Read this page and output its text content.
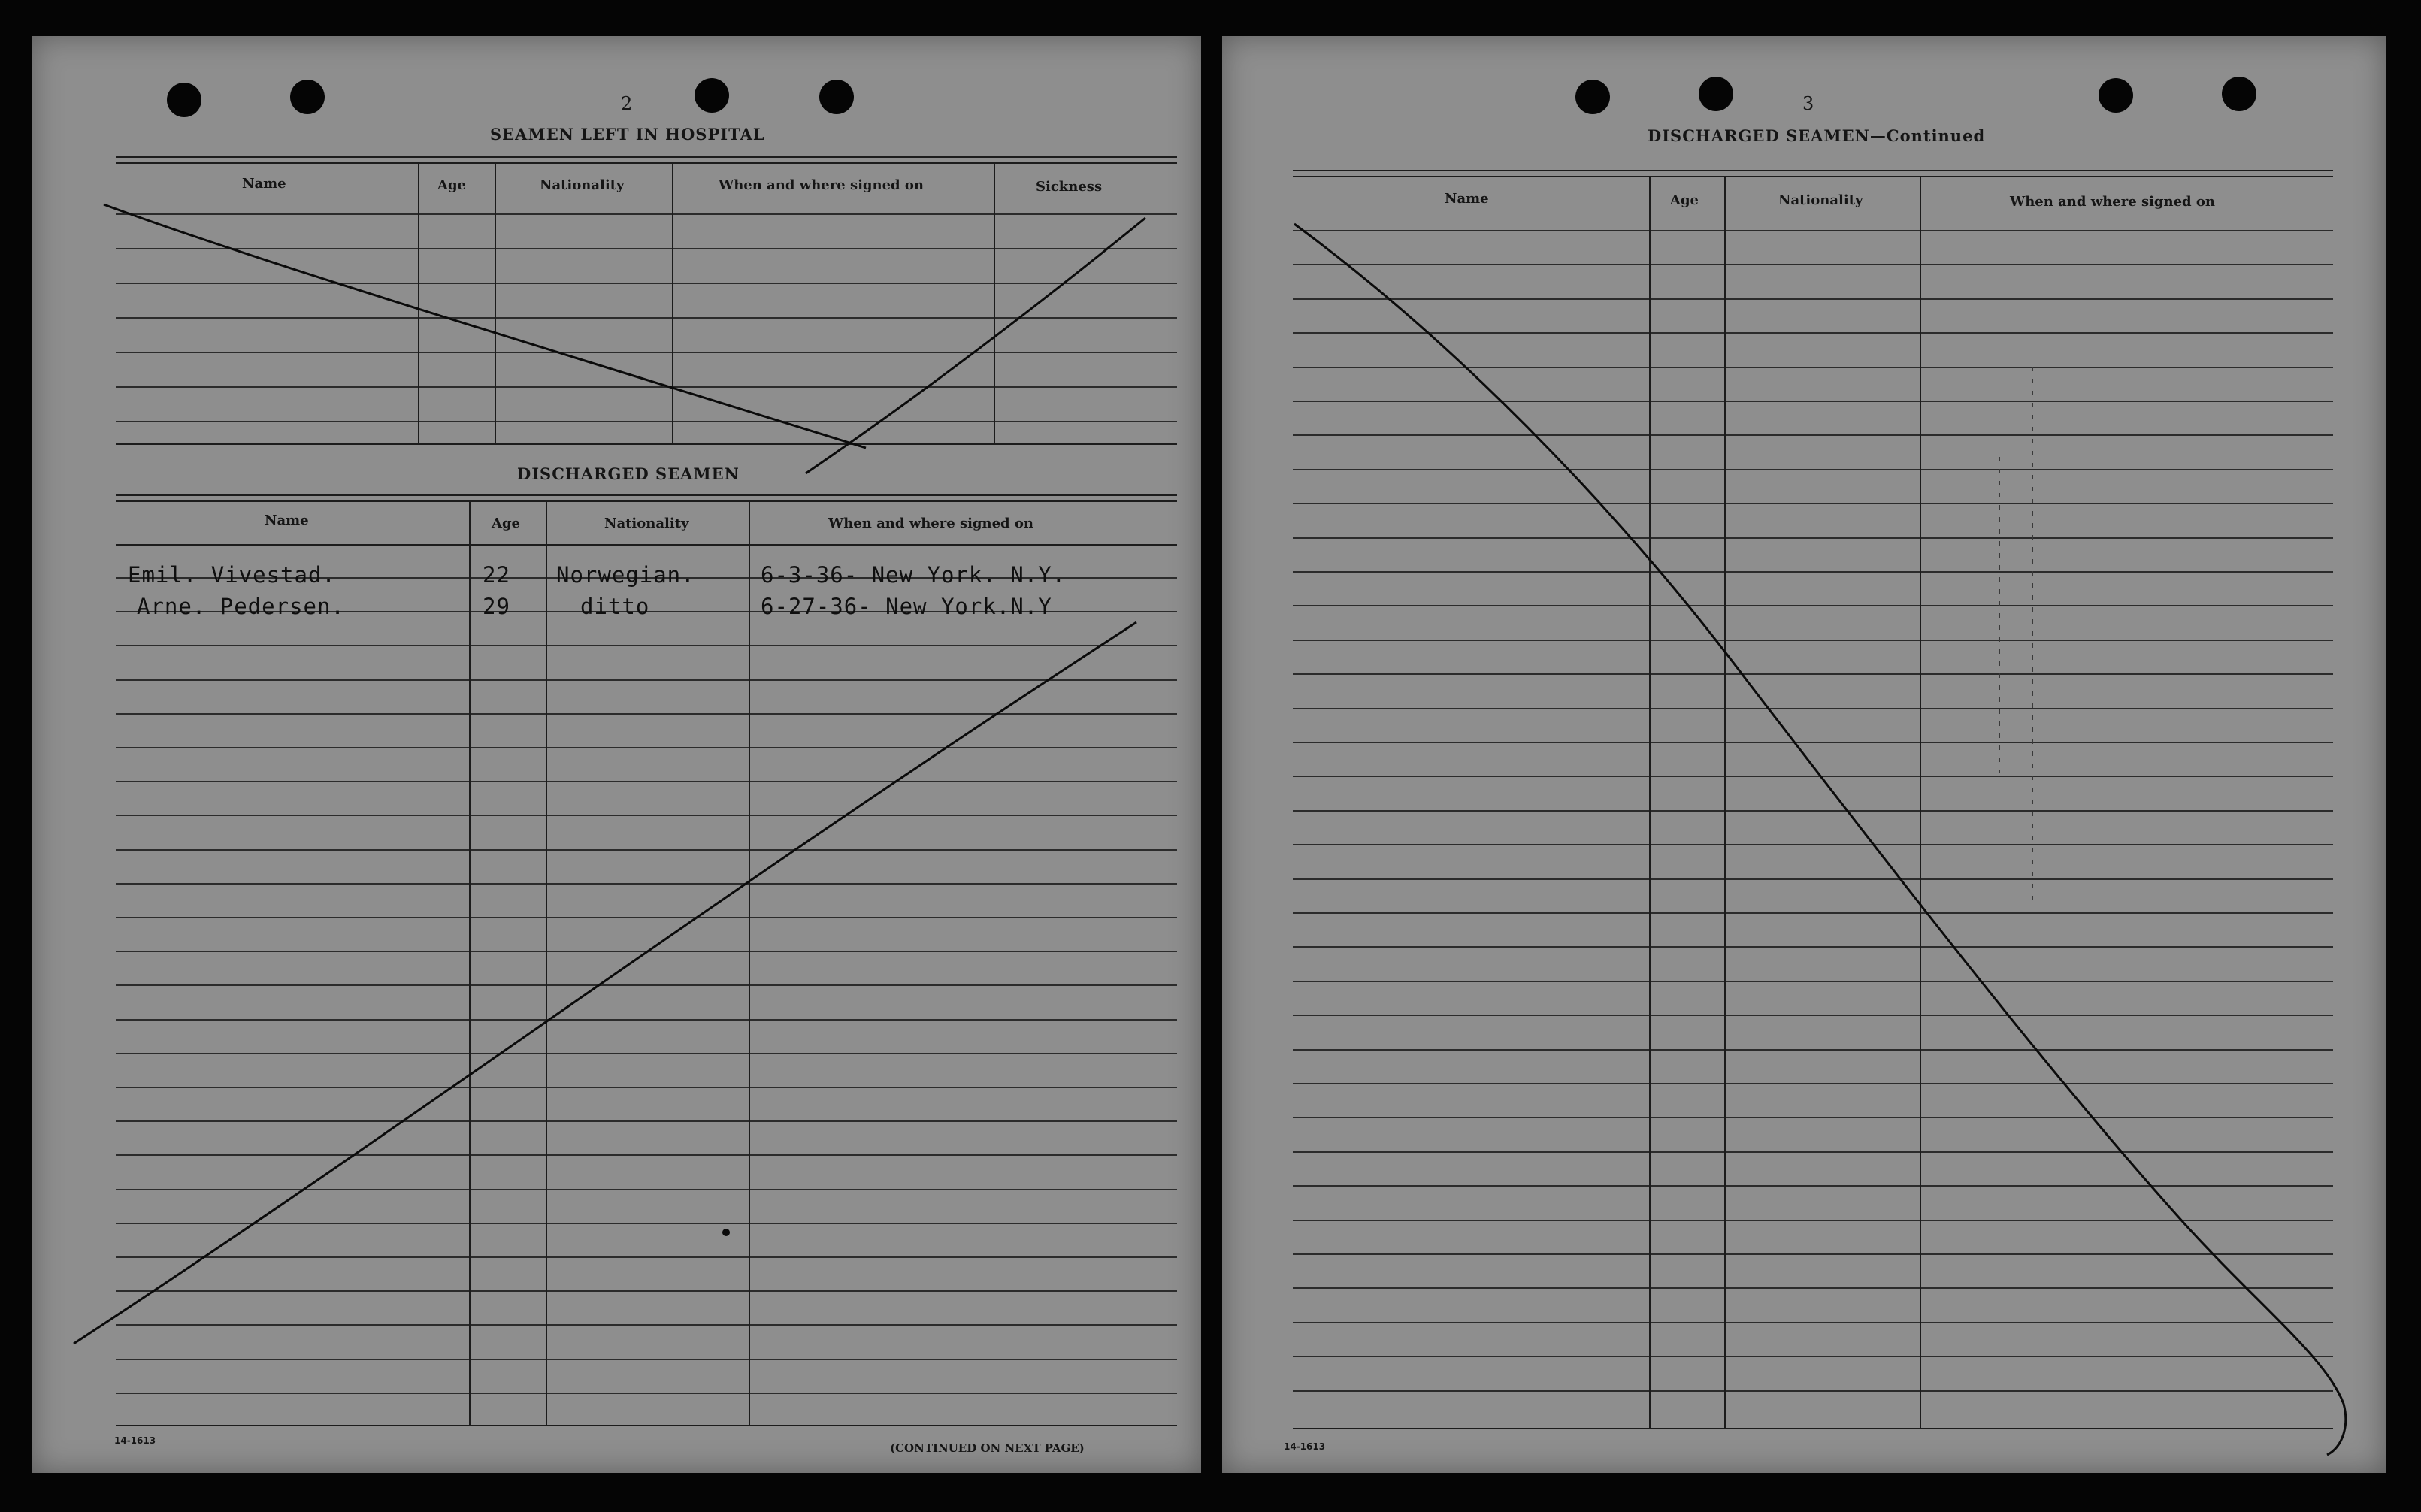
2
SEAMEN LEFT IN HOSPITAL
Name	Age	Nationality	When and where signed on	Sickness
DISCHARGED SEAMEN
Name	Age	Nationality	When and where signed on
Emil. Vivestad.	22 Norwegian.	6-3-36- New York. N.Y.
Arne. Pedersen.	29	ditto	6-27-36- New York.N.Y
14-1613
(CONTINUED ON NEXT PAGE)
3
DISCHARGED SEAMEN—Continued
Name	Age	Nationality	When and where signed on
14-1613
